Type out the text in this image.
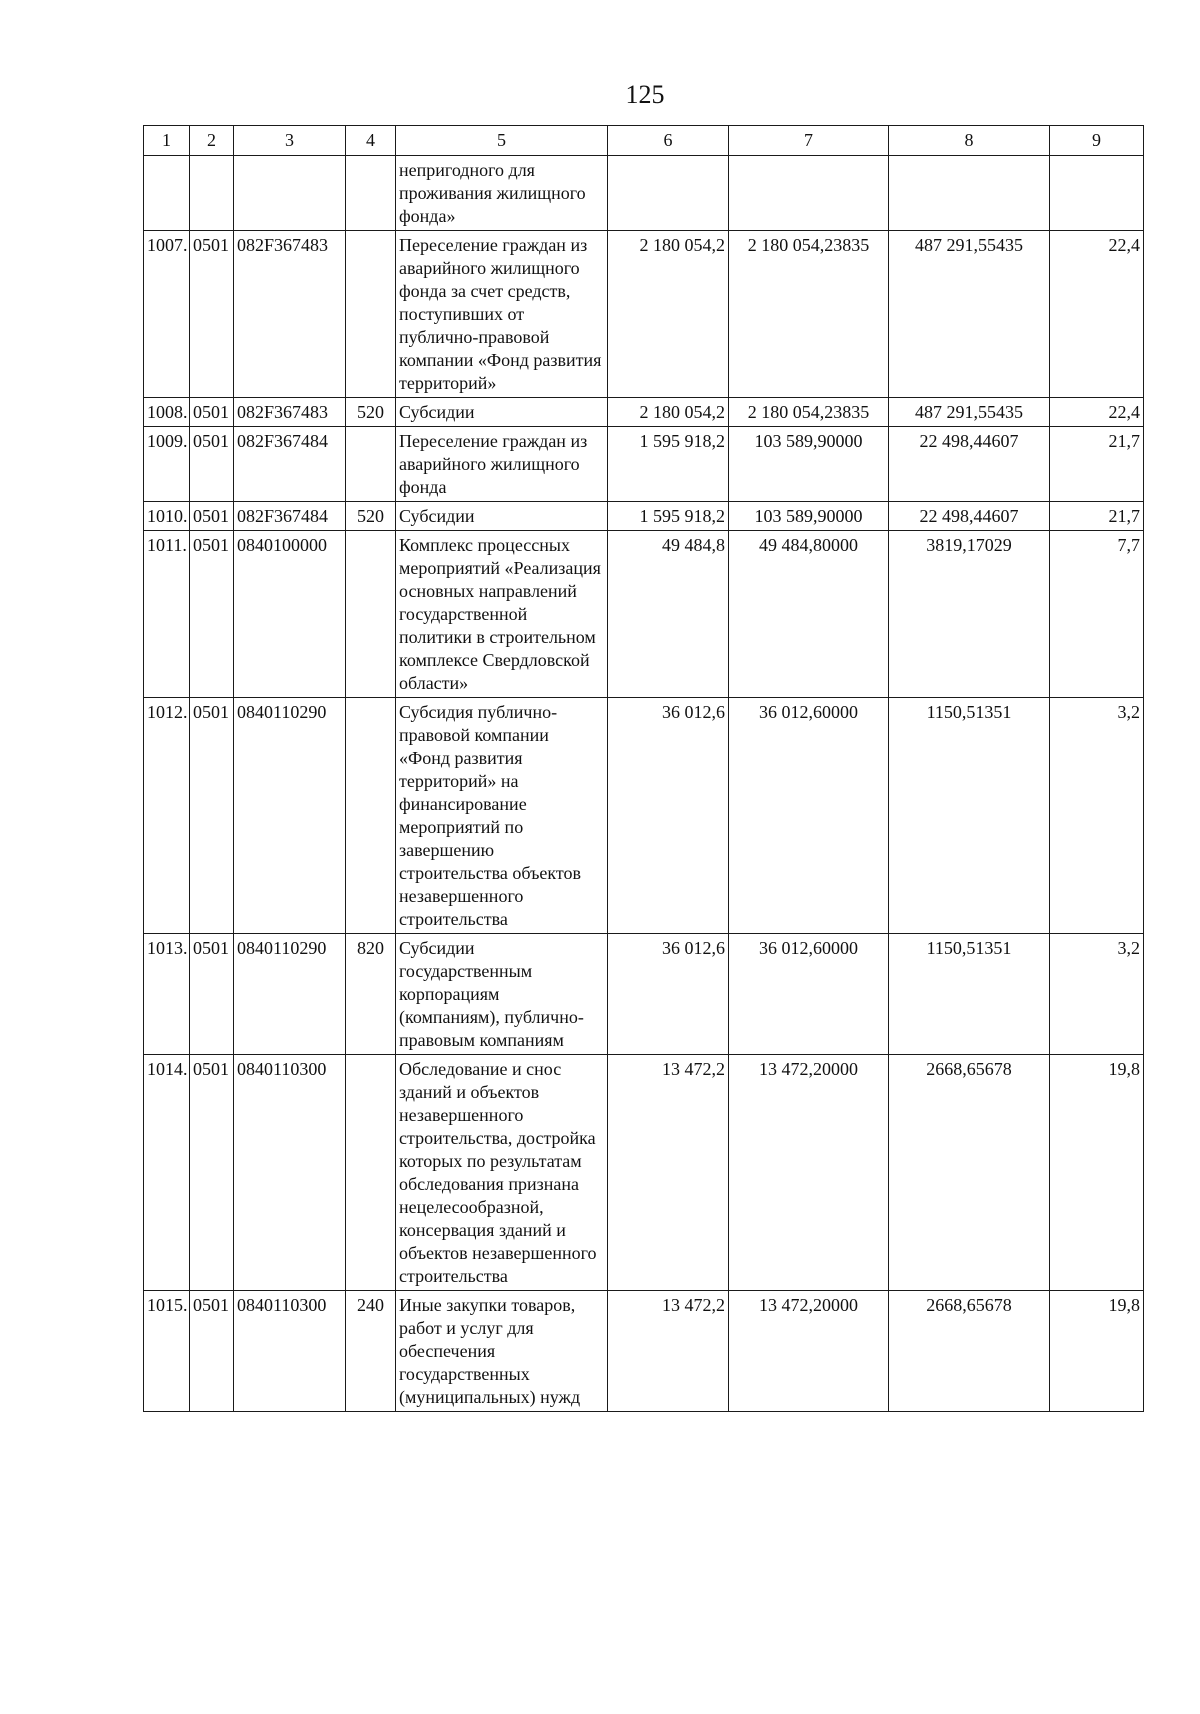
125
1	2	3	4	5	6	7	8	9
				непригодного для проживания жилищного фонда»				
1007.	0501	082F367483		Переселение граждан из аварийного жилищного фонда за счет средств, поступивших от публично-правовой компании «Фонд развития территорий»	2 180 054,2	2 180 054,23835	487 291,55435	22,4
1008.	0501	082F367483	520	Субсидии	2 180 054,2	2 180 054,23835	487 291,55435	22,4
1009.	0501	082F367484		Переселение граждан из аварийного жилищного фонда	1 595 918,2	103 589,90000	22 498,44607	21,7
1010.	0501	082F367484	520	Субсидии	1 595 918,2	103 589,90000	22 498,44607	21,7
1011.	0501	0840100000		Комплекс процессных мероприятий «Реализация основных направлений государственной политики в строительном комплексе Свердловской области»	49 484,8	49 484,80000	3819,17029	7,7
1012.	0501	0840110290		Субсидия публично-правовой компании «Фонд развития территорий» на финансирование мероприятий по завершению строительства объектов незавершенного строительства	36 012,6	36 012,60000	1150,51351	3,2
1013.	0501	0840110290	820	Субсидии государственным корпорациям (компаниям), публично-правовым компаниям	36 012,6	36 012,60000	1150,51351	3,2
1014.	0501	0840110300		Обследование и снос зданий и объектов незавершенного строительства, достройка которых по результатам обследования признана нецелесообразной, консервация зданий и объектов незавершенного строительства	13 472,2	13 472,20000	2668,65678	19,8
1015.	0501	0840110300	240	Иные закупки товаров, работ и услуг для обеспечения государственных (муниципальных) нужд	13 472,2	13 472,20000	2668,65678	19,8
